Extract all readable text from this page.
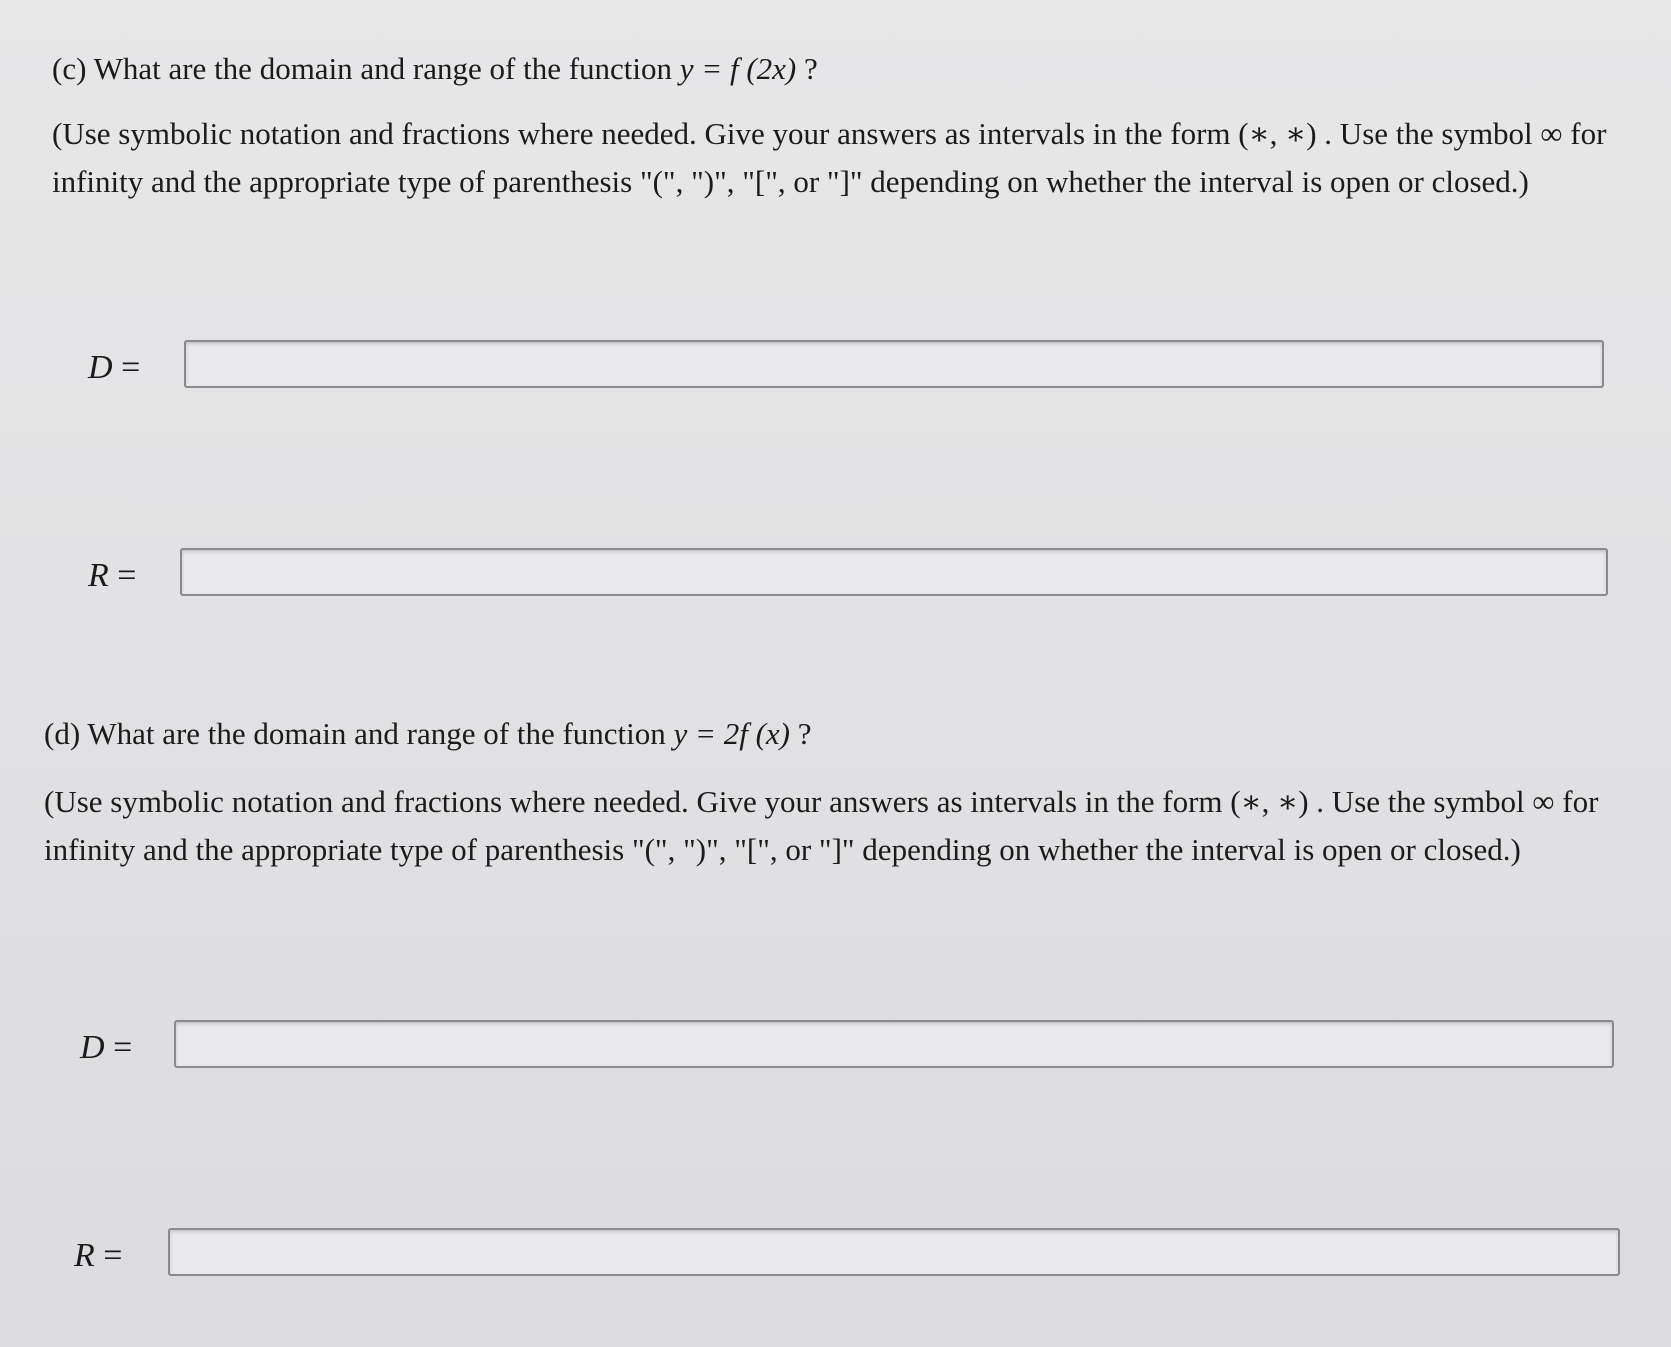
(c) What are the domain and range of the function y = f (2x) ?
(Use symbolic notation and fractions where needed. Give your answers as intervals in the form (∗, ∗) . Use the symbol ∞ for infinity and the appropriate type of parenthesis "(", ")", "[", or "]" depending on whether the interval is open or closed.)
D =
R =
(d) What are the domain and range of the function y = 2f (x) ?
(Use symbolic notation and fractions where needed. Give your answers as intervals in the form (∗, ∗) . Use the symbol ∞ for infinity and the appropriate type of parenthesis "(", ")", "[", or "]" depending on whether the interval is open or closed.)
D =
R =
